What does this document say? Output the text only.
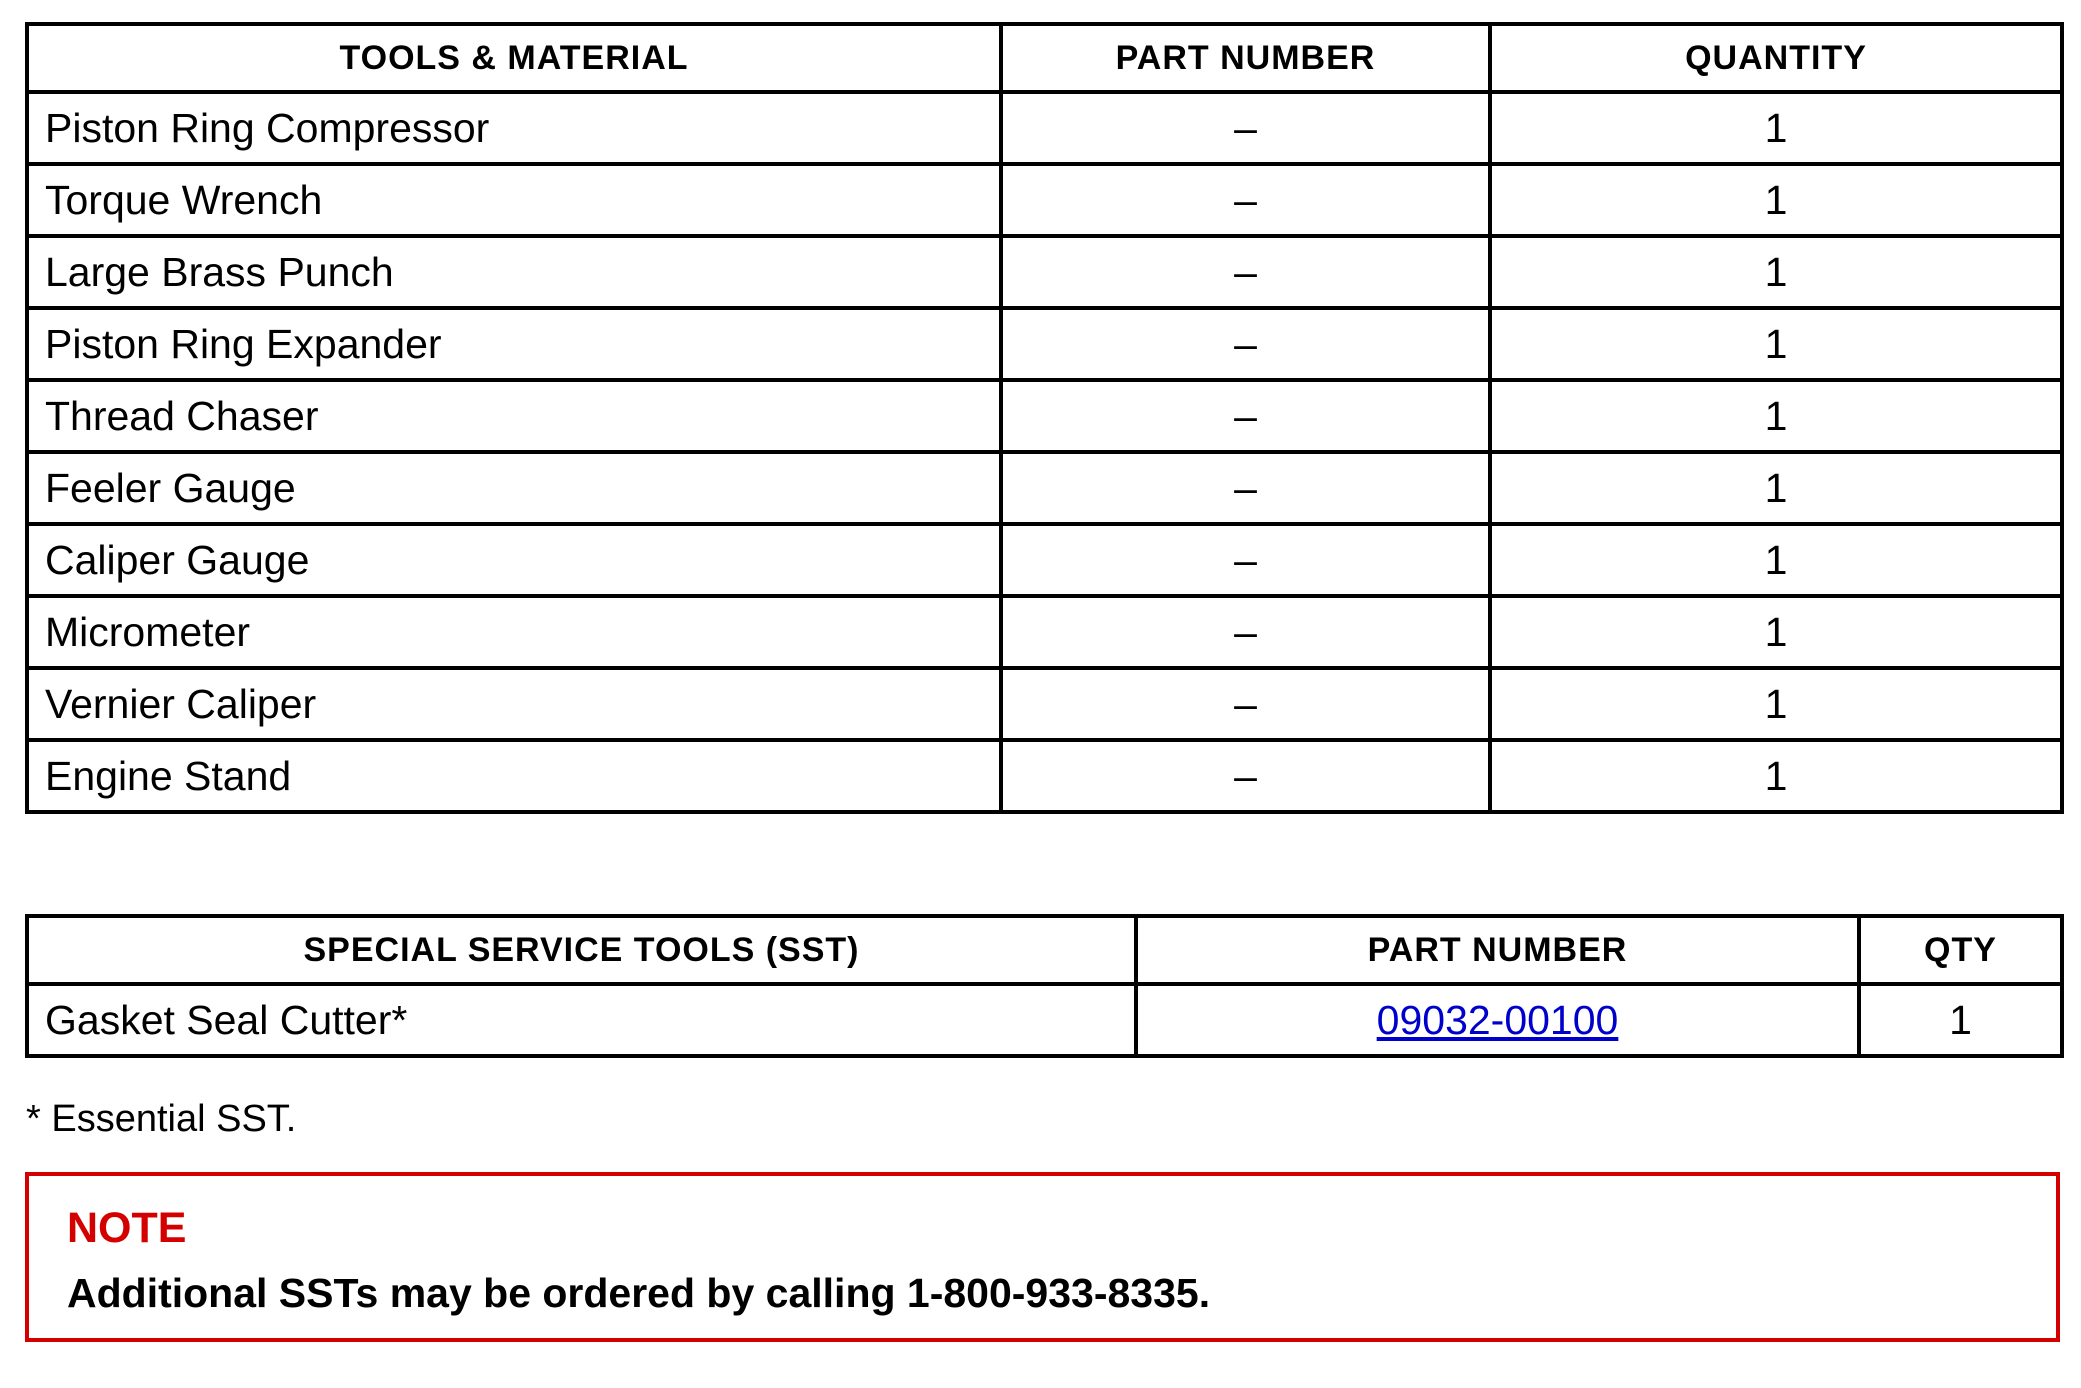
TOOLS & MATERIAL	PART NUMBER	QUANTITY
Piston Ring Compressor	–	1
Torque Wrench	–	1
Large Brass Punch	–	1
Piston Ring Expander	–	1
Thread Chaser	–	1
Feeler Gauge	–	1
Caliper Gauge	–	1
Micrometer	–	1
Vernier Caliper	–	1
Engine Stand	–	1
SPECIAL SERVICE TOOLS (SST)	PART NUMBER	QTY
Gasket Seal Cutter*	09032-00100	1
* Essential SST.
NOTE
Additional SSTs may be ordered by calling 1-800-933-8335.
